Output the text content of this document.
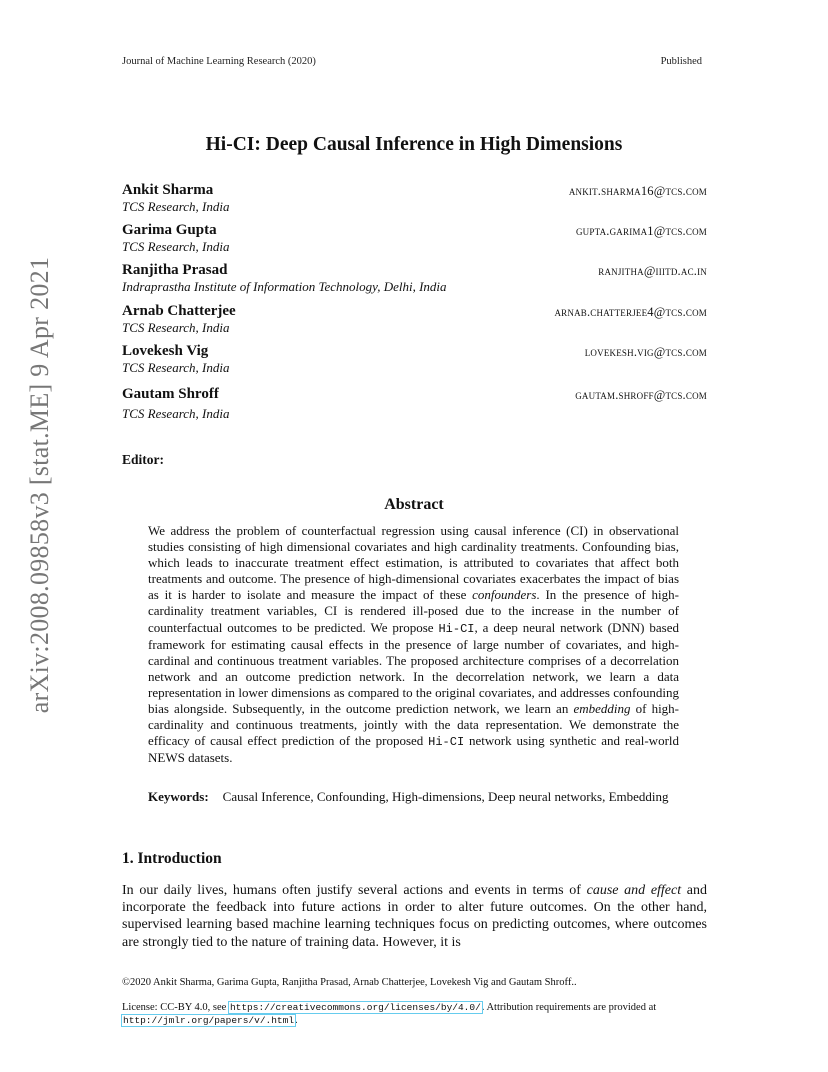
Journal of Machine Learning Research (2020)	Published
Hi-CI: Deep Causal Inference in High Dimensions
Ankit Sharma
TCS Research, India
ankit.sharma16@tcs.com
Garima Gupta
TCS Research, India
gupta.garima1@tcs.com
Ranjitha Prasad
Indraprastha Institute of Information Technology, Delhi, India
ranjitha@iiitd.ac.in
Arnab Chatterjee
TCS Research, India
arnab.chatterjee4@tcs.com
Lovekesh Vig
TCS Research, India
lovekesh.vig@tcs.com
Gautam Shroff
TCS Research, India
gautam.shroff@tcs.com
Editor:
Abstract
We address the problem of counterfactual regression using causal inference (CI) in observational studies consisting of high dimensional covariates and high cardinality treatments. Confounding bias, which leads to inaccurate treatment effect estimation, is attributed to covariates that affect both treatments and outcome. The presence of high-dimensional covariates exacerbates the impact of bias as it is harder to isolate and measure the impact of these confounders. In the presence of high-cardinality treatment variables, CI is rendered ill-posed due to the increase in the number of counterfactual outcomes to be predicted. We propose Hi-CI, a deep neural network (DNN) based framework for estimating causal effects in the presence of large number of covariates, and high-cardinal and continuous treatment variables. The proposed architecture comprises of a decorrelation network and an outcome prediction network. In the decorrelation network, we learn a data representation in lower dimensions as compared to the original covariates, and addresses confounding bias alongside. Subsequently, in the outcome prediction network, we learn an embedding of high-cardinality and continuous treatments, jointly with the data representation. We demonstrate the efficacy of causal effect prediction of the proposed Hi-CI network using synthetic and real-world NEWS datasets.
Keywords: Causal Inference, Confounding, High-dimensions, Deep neural networks, Embedding
1. Introduction
In our daily lives, humans often justify several actions and events in terms of cause and effect and incorporate the feedback into future actions in order to alter future outcomes. On the other hand, supervised learning based machine learning techniques focus on predicting outcomes, where outcomes are strongly tied to the nature of training data. However, it is
©2020 Ankit Sharma, Garima Gupta, Ranjitha Prasad, Arnab Chatterjee, Lovekesh Vig and Gautam Shroff..
License: CC-BY 4.0, see https://creativecommons.org/licenses/by/4.0/. Attribution requirements are provided at http://jmlr.org/papers/v/.html.
arXiv:2008.09858v3 [stat.ME] 9 Apr 2021
